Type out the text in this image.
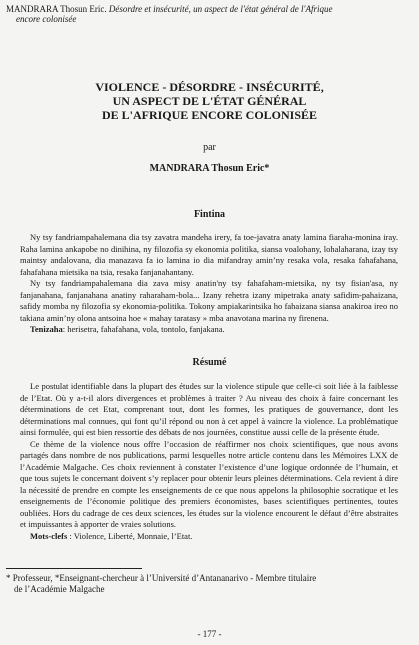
MANDRARA Thosun Eric. Désordre et insécurité, un aspect de l'état général de l'Afrique
encore colonisée
VIOLENCE - DÉSORDRE - INSÉCURITÉ,
UN ASPECT DE L'ÉTAT GÉNÉRAL
DE L'AFRIQUE ENCORE COLONISÉE
par
MANDRARA Thosun Eric*
Fintina

Ny tsy fandriampahalemana dia tsy zavatra mandeha irery, fa toe-javatra anaty lamina fiaraha-monina iray. Raha lamina ankapobe no dinihina, ny filozofia sy ekonomia politika, siansa voalohany, lohalaharana, izay tsy maintsy andalovana, dia manazava fa io lamina io dia mifandray amin’ny resaka vola, resaka fahafahana, fahafahana mietsika na tsia, resaka fanjanahantany.

Ny tsy fandriampahalemana dia zava misy anatin'ny tsy fahafaham-mietsika, ny tsy fisian'asa, ny fanjanahana, fanjanahana anatiny raharaham-bola... Izany rehetra izany mipetraka anaty safidim-pahaizana, safidy momba ny filozofia sy ekonomia-politika. Tokony ampiakarintsika ho fahaizana siansa anakiroa ireo no takiana amin’ny olona antsoina hoe « mahay taratasy » mba anavotana marina ny firenena.

Tenizaha: herisetra, fahafahana, vola, tontolo, fanjakana.

Résumé

Le postulat identifiable dans la plupart des études sur la violence stipule que celle-ci soit liée à la faiblesse de l’Etat. Où y a-t-il alors divergences et problèmes à traiter ? Au niveau des choix à faire concernant les déterminations de cet Etat, comprenant tout, dont les formes, les pratiques de gouvernance, dont les déterminations mal connues, qui font qu’il répond ou non à cet appel à vaincre la violence. La problématique ainsi formulée, qui est bien ressortie des débats de nos journées, constitue aussi celle de la présente étude.

Ce thème de la violence nous offre l’occasion de réaffirmer nos choix scientifiques, que nous avons partagés dans nombre de nos publications, parmi lesquelles notre article contenu dans les Mémoires LXX de l’Académie Malgache. Ces choix reviennent à constater l’existence d’une logique ordonnée de l’humain, et que tous sujets le concernant doivent s’y replacer pour obtenir leurs pleines déterminations. Cela revient à dire la nécessité de prendre en compte les enseignements de ce que nous appelons la philosophie socratique et les enseignements de l’économie politique des premiers économistes, bases scientifiques pertinentes, toutes oubliées. Hors du cadrage de ces deux sciences, les études sur la violence encourent le défaut d’être abstraites et impuissantes à apporter de vraies solutions.

Mots-clefs : Violence, Liberté, Monnaie, l’Etat.

* Professeur, *Enseignant-chercheur à l’Université d’Antananarivo - Membre titulaire
de l’Académie Malgache
- 177 -
